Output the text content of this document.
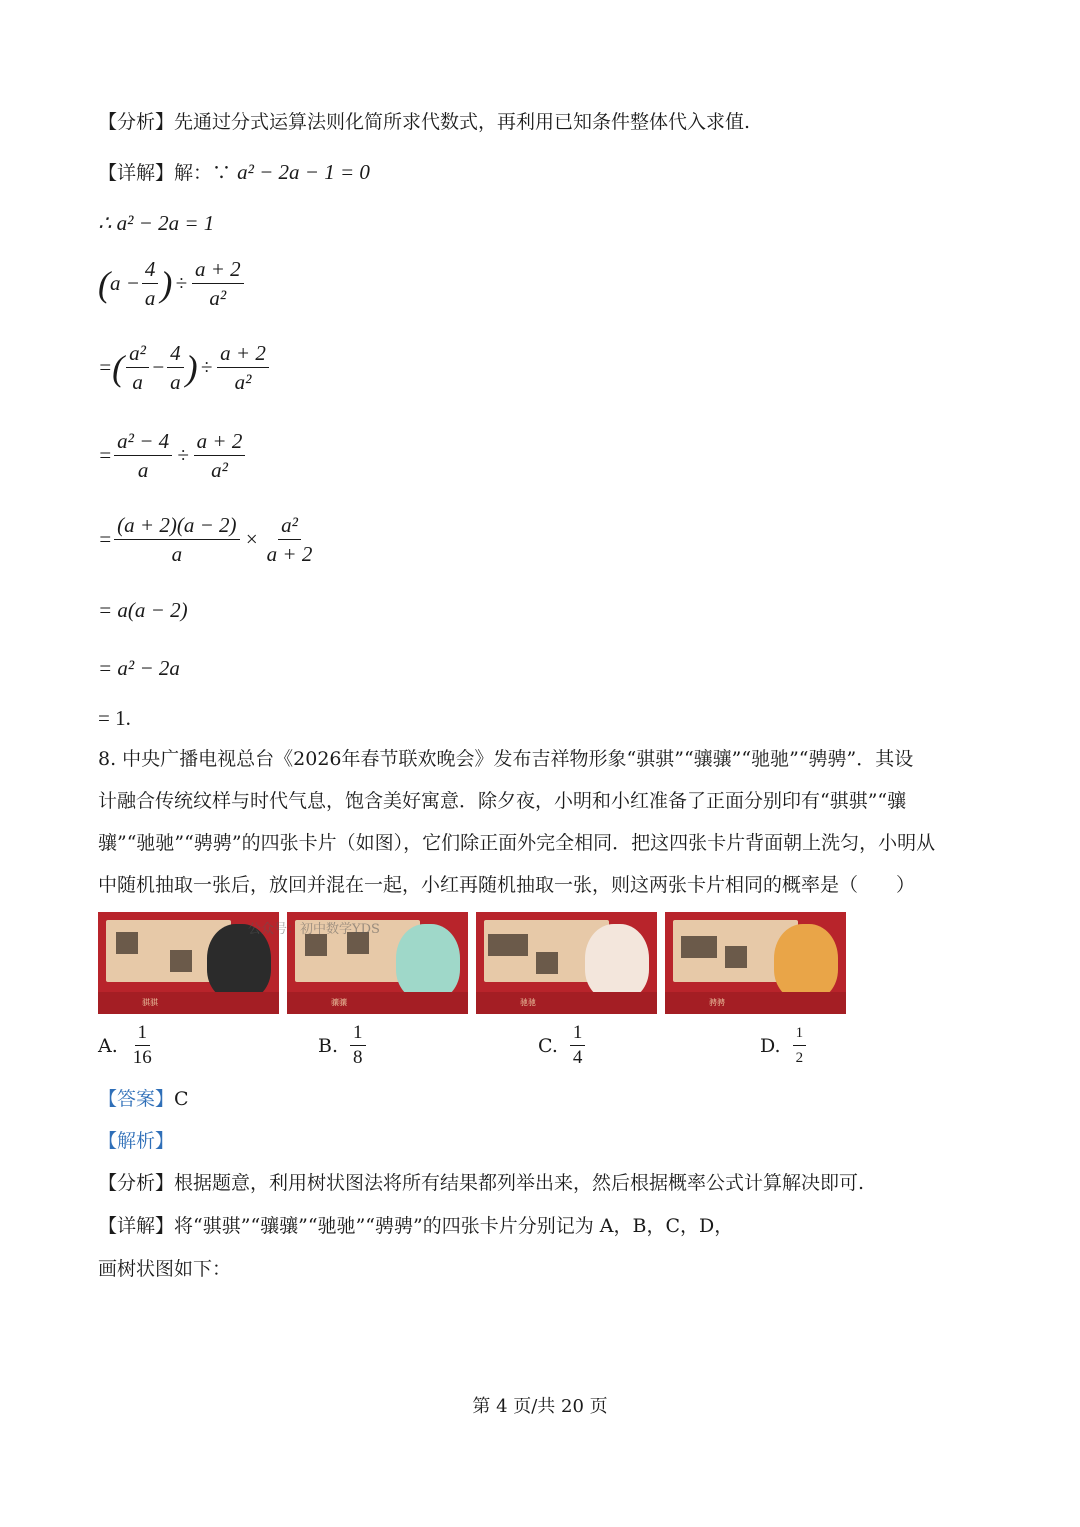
【分析】先通过分式运算法则化简所求代数式，再利用已知条件整体代入求值.
【详解】解：∵ a² − 2a − 1 = 0
∴ a² − 2a = 1
( $a - \frac{4}{a}$ ) ÷ $\frac{a + 2}{\text{a²}}$
= ( $\frac{\text{a²}}{a} - \frac{4}{a}$ ) ÷ $\frac{a + 2}{\text{a²}}$
= $\frac{\text{a² − 4}}{a} \div \frac{a + 2}{\text{a²}}$
= $\frac{(a + 2)(a - 2)}{a} \times \frac{\text{a²}}{a + 2}$
= a(a − 2)
= a² − 2a
= 1.
8. 中央广播电视总台《2026年春节联欢晚会》发布吉祥物形象“骐骐”“骧骧”“驰驰”“骋骋”．其设
计融合传统纹样与时代气息，饱含美好寓意．除夕夜，小明和小红准备了正面分别印有“骐骐”“骧
骧”“驰驰”“骋骋”的四张卡片（如图），它们除正面外完全相同．把这四张卡片背面朝上洗匀，小明从
中随机抽取一张后，放回并混在一起，小红再随机抽取一张，则这两张卡片相同的概率是（　　）
骐骐	骧骧	驰驰	骋骋
公众号：初中数学YDS
A. $\frac{1}{16}$	B. $\frac{1}{8}$	C. $\frac{1}{4}$	D. $\frac{1}{2}$
【答案】C
【解析】
【分析】根据题意，利用树状图法将所有结果都列举出来，然后根据概率公式计算解决即可.
【详解】将“骐骐”“骧骧”“驰驰”“骋骋”的四张卡片分别记为 A，B，C，D，
画树状图如下：
第 4 页/共 20 页
